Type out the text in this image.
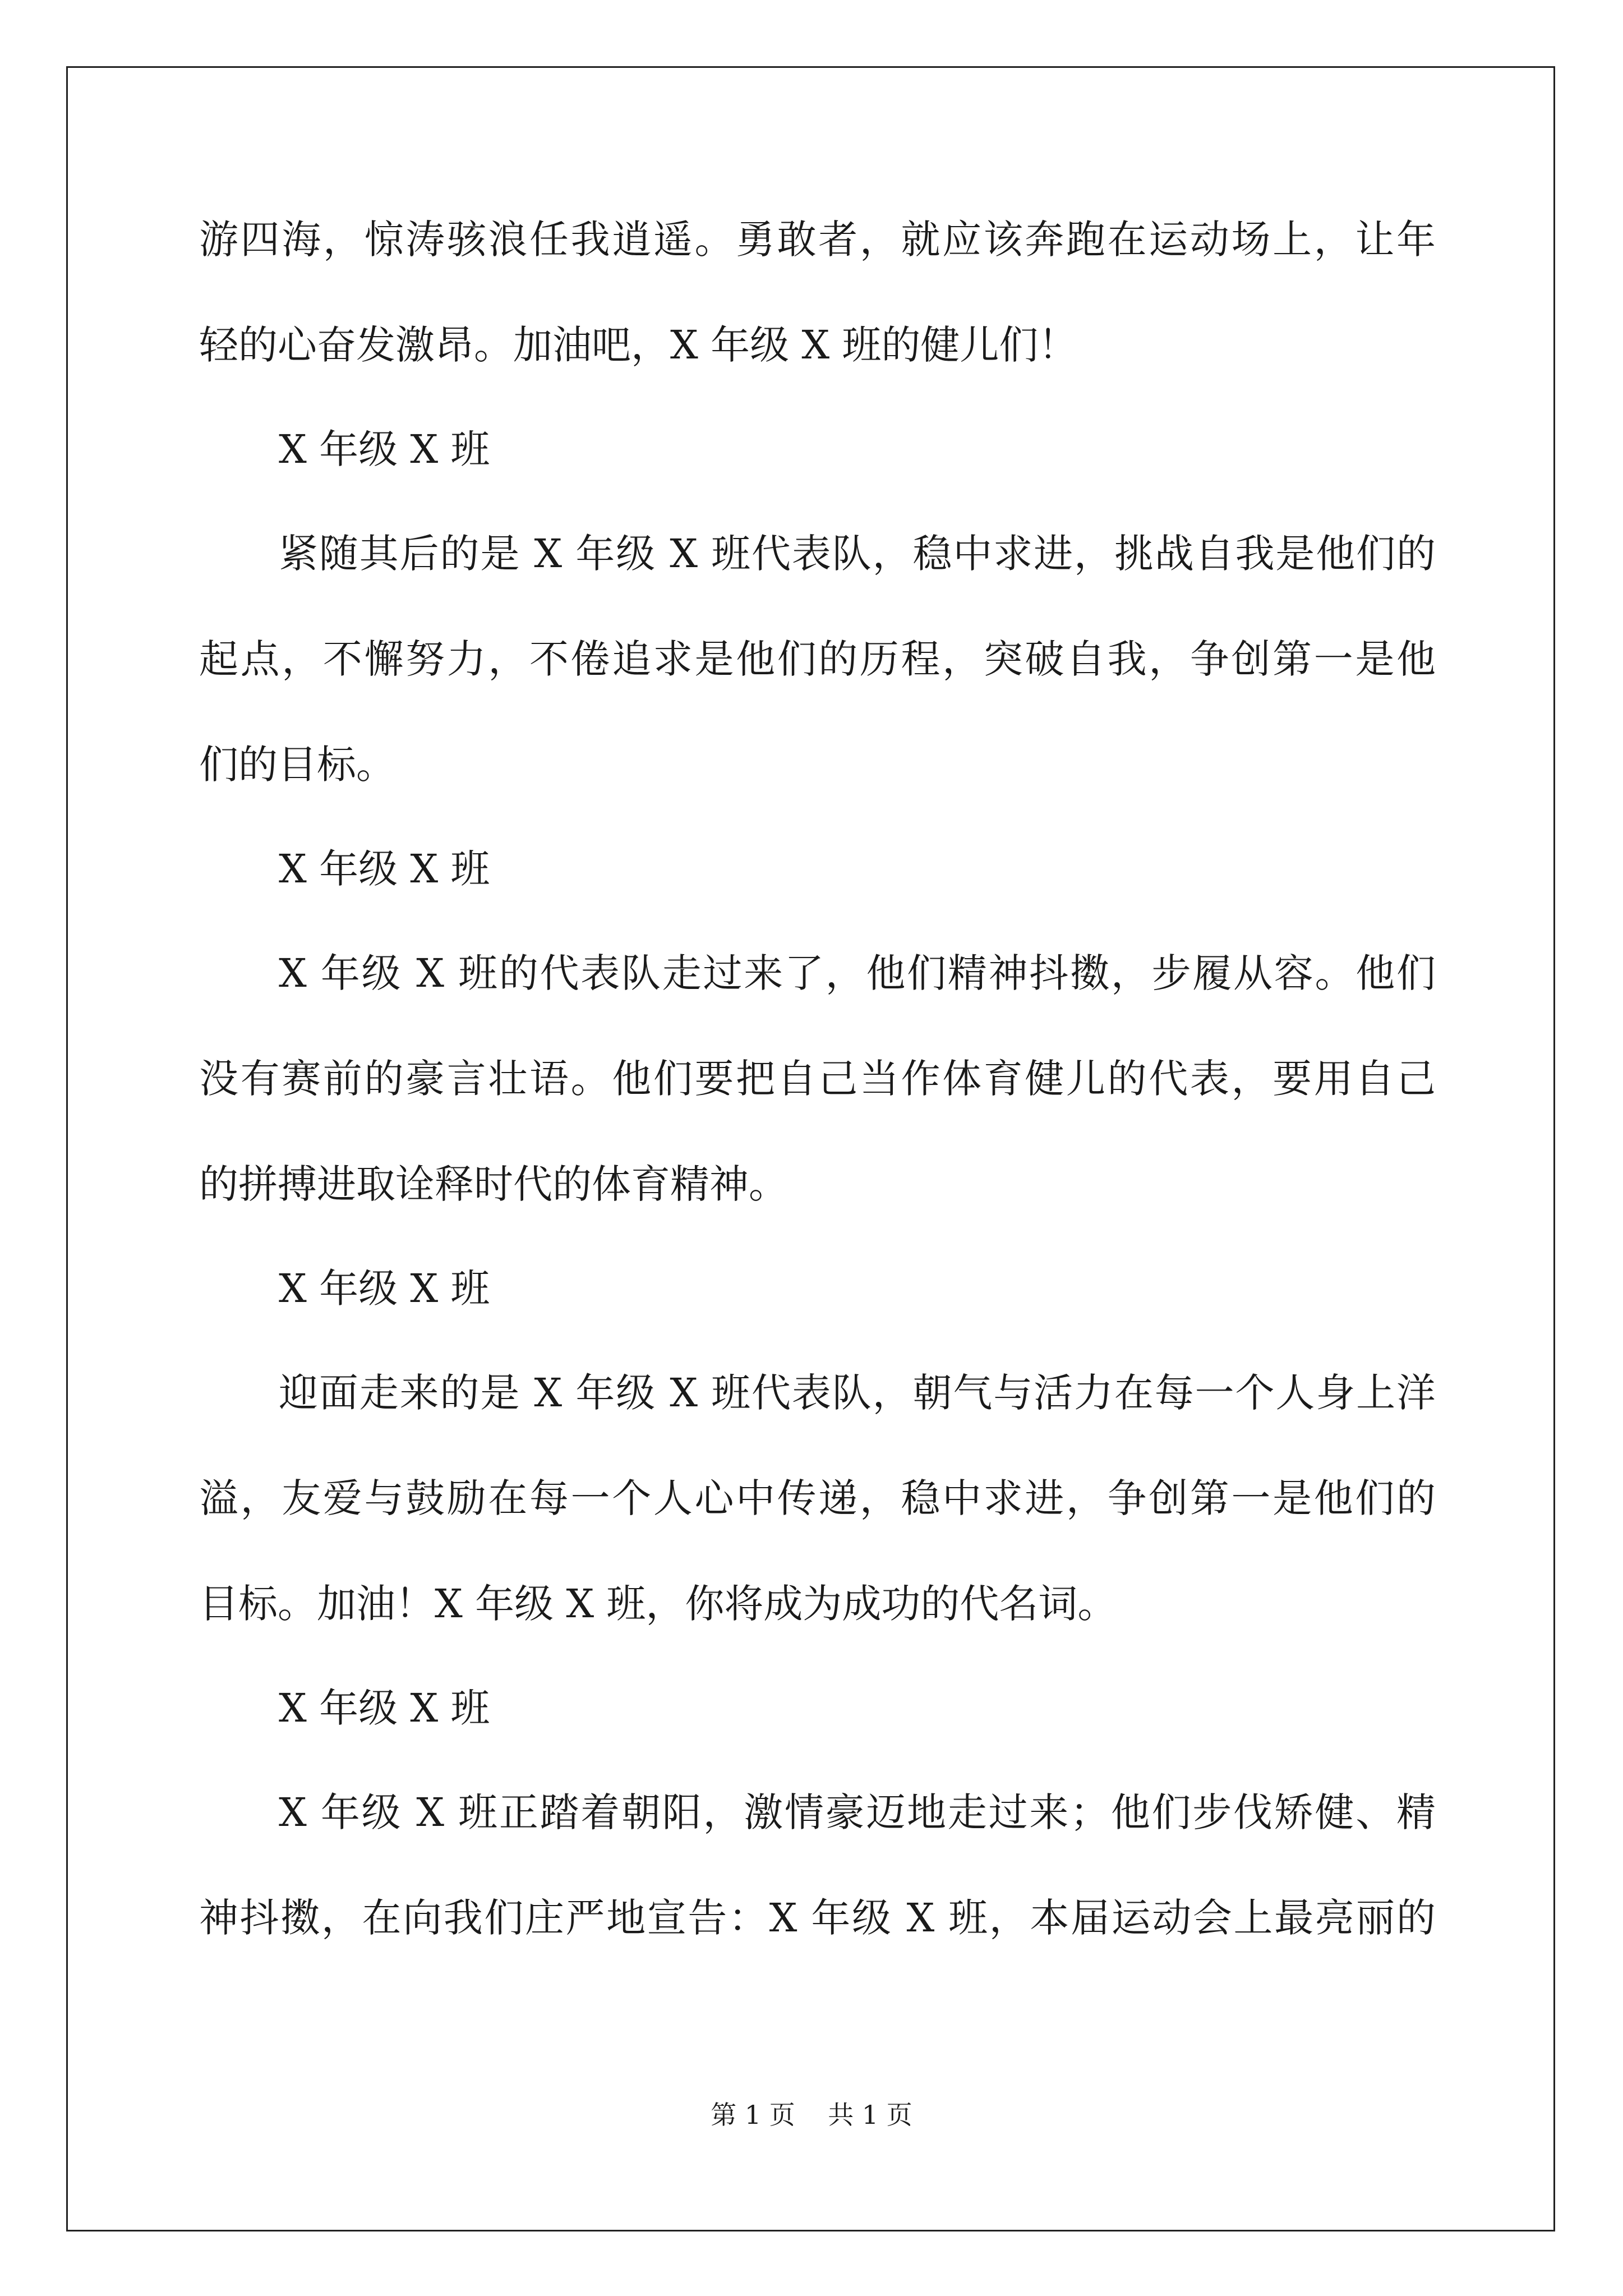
游四海，惊涛骇浪任我逍遥。勇敢者，就应该奔跑在运动场上，让年
轻的心奋发激昂。加油吧，X 年级 X 班的健儿们！
X 年级 X 班
紧随其后的是 X 年级 X 班代表队，稳中求进，挑战自我是他们的
起点，不懈努力，不倦追求是他们的历程，突破自我，争创第一是他
们的目标。
X 年级 X 班
X 年级 X 班的代表队走过来了，他们精神抖擞，步履从容。他们
没有赛前的豪言壮语。他们要把自己当作体育健儿的代表，要用自己
的拼搏进取诠释时代的体育精神。
X 年级 X 班
迎面走来的是 X 年级 X 班代表队，朝气与活力在每一个人身上洋
溢，友爱与鼓励在每一个人心中传递，稳中求进，争创第一是他们的
目标。加油！X 年级 X 班，你将成为成功的代名词。
X 年级 X 班
X 年级 X 班正踏着朝阳，激情豪迈地走过来；他们步伐矫健、精
神抖擞，在向我们庄严地宣告：X 年级 X 班，本届运动会上最亮丽的
第 1 页    共 1 页
